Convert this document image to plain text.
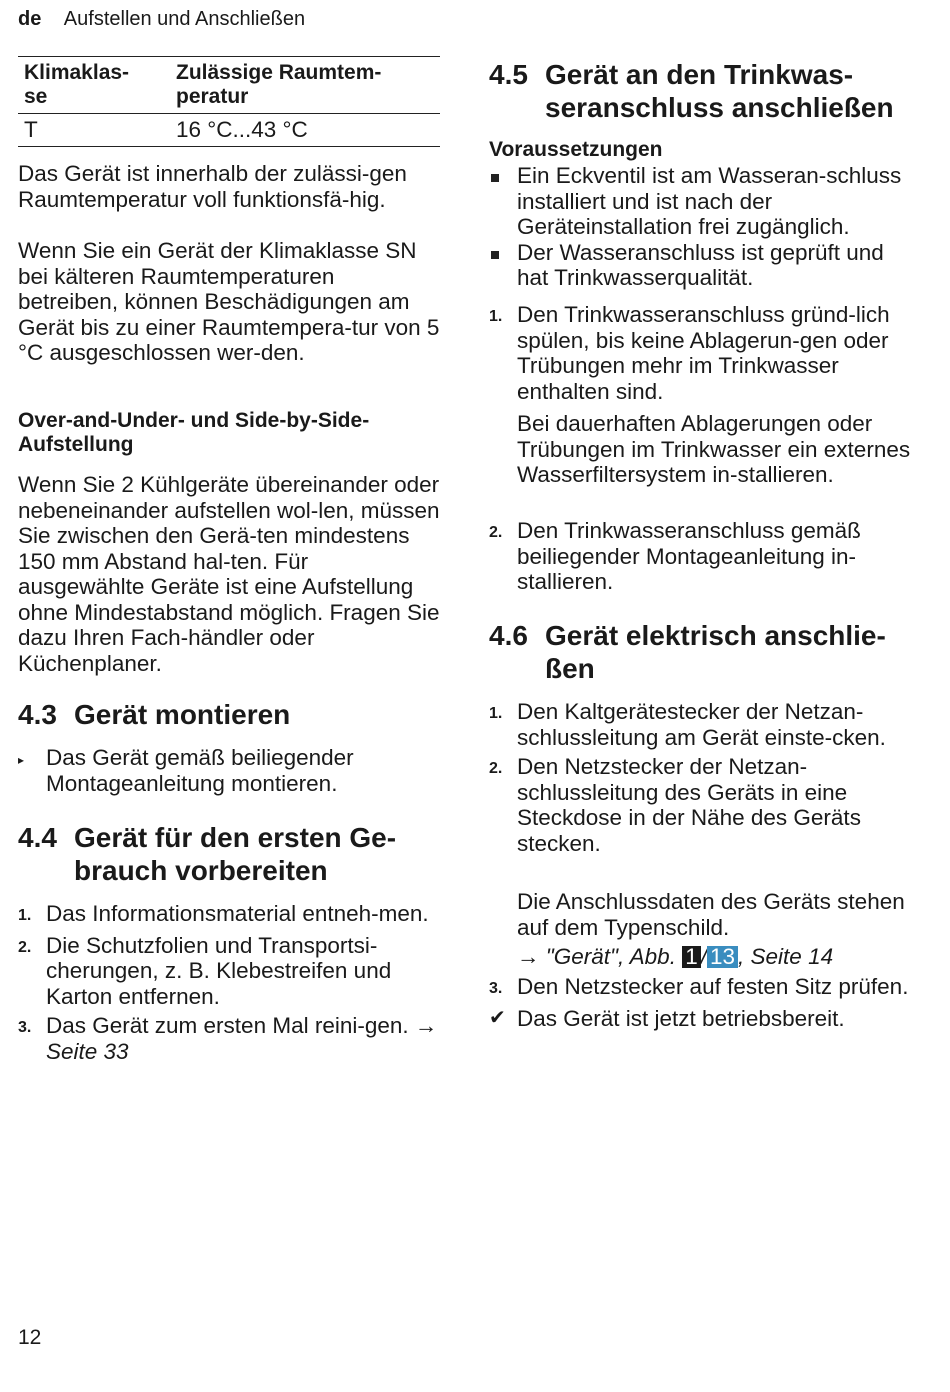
de Aufstellen und Anschließen
Klimaklas-
se	Zulässige Raumtem-
peratur
T	16 °C...43 °C

Das Gerät ist innerhalb der zulässi-gen Raumtemperatur voll funktionsfä-hig.

Wenn Sie ein Gerät der Klimaklasse SN bei kälteren Raumtemperaturen betreiben, können Beschädigungen am Gerät bis zu einer Raumtempera-tur von 5 °C ausgeschlossen wer-den.

Over-and-Under- und Side-by-Side-Aufstellung

Wenn Sie 2 Kühlgeräte übereinander oder nebeneinander aufstellen wol-len, müssen Sie zwischen den Gerä-ten mindestens 150 mm Abstand hal-ten. Für ausgewählte Geräte ist eine Aufstellung ohne Mindestabstand möglich. Fragen Sie dazu Ihren Fach-händler oder Küchenplaner.

4.3 Gerät montieren
▸ Das Gerät gemäß beiliegender Montageanleitung montieren.
4.4 Gerät für den ersten Ge-brauch vorbereiten
1. Das Informationsmaterial entneh-men.
2. Die Schutzfolien und Transportsi-cherungen, z. B. Klebestreifen und Karton entfernen.
3. Das Gerät zum ersten Mal reini-gen. → Seite 33
4.5 Gerät an den Trinkwas-seranschluss anschließen

Voraussetzungen

Ein Eckventil ist am Wasseran-schluss installiert und ist nach der Geräteinstallation frei zugänglich.
Der Wasseranschluss ist geprüft und hat Trinkwasserqualität.
1. Den Trinkwasseranschluss gründ-lich spülen, bis keine Ablagerun-gen oder Trübungen mehr im Trinkwasser enthalten sind.

Bei dauerhaften Ablagerungen oder Trübungen im Trinkwasser ein externes Wasserfiltersystem in-stallieren.

2. Den Trinkwasseranschluss gemäß beiliegender Montageanleitung in-stallieren.
4.6 Gerät elektrisch anschlie-ßen
1. Den Kaltgerätestecker der Netzan-schlussleitung am Gerät einste-cken.
2. Den Netzstecker der Netzan-schlussleitung des Geräts in eine Steckdose in der Nähe des Geräts stecken.

Die Anschlussdaten des Geräts stehen auf dem Typenschild.

→ "Gerät", Abb. 1 / 13 , Seite 14

3. Den Netzstecker auf festen Sitz prüfen.
✔ Das Gerät ist jetzt betriebsbereit.
12
